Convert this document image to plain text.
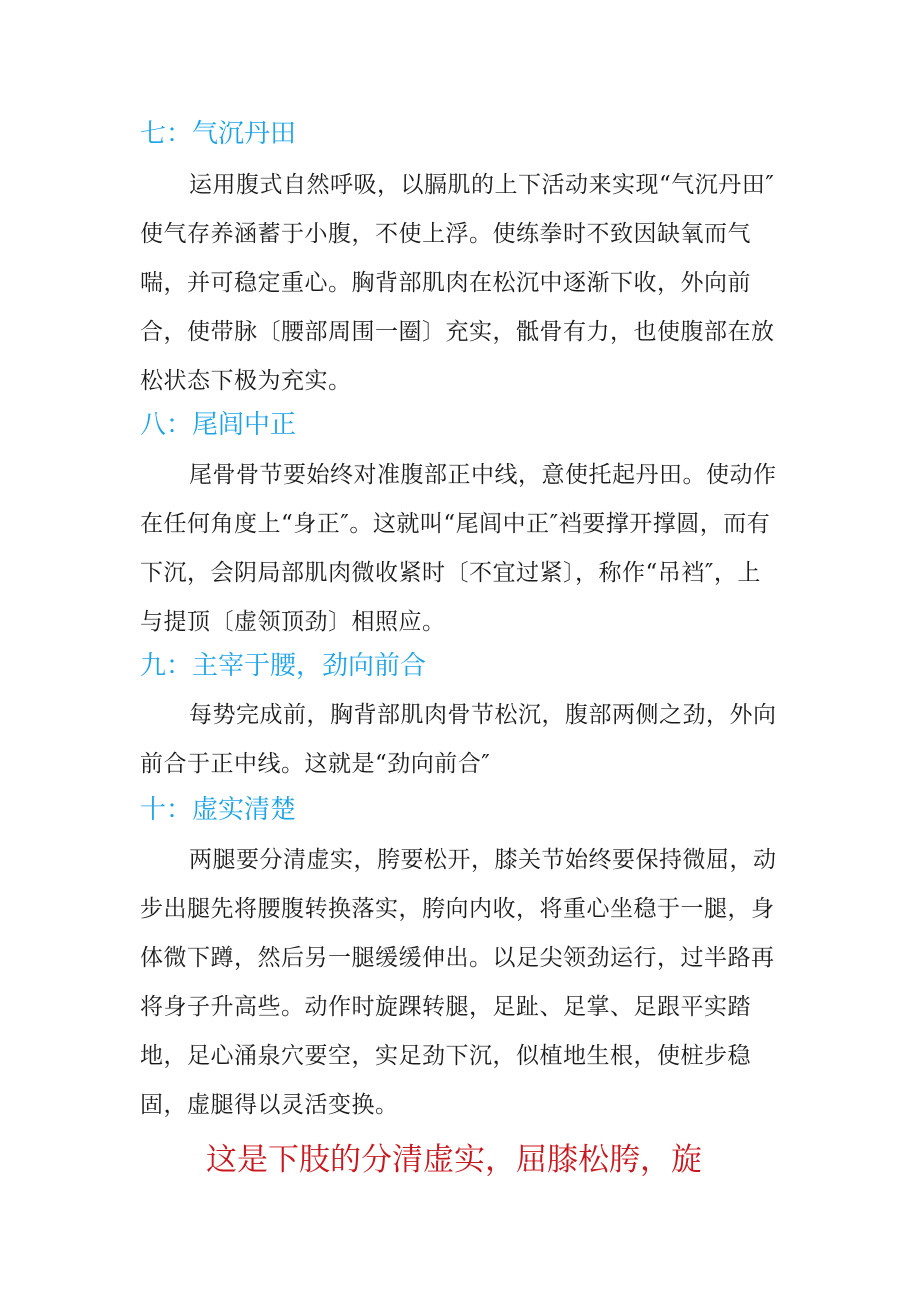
七：气沉丹田

运用腹式自然呼吸，以膈肌的上下活动来实现“气沉丹田″使气存养涵蓄于小腹，不使上浮。使练拳时不致因缺氧而气喘，并可稳定重心。胸背部肌肉在松沉中逐渐下收，外向前合，使带脉〔腰部周围一圈〕充实，骶骨有力，也使腹部在放松状态下极为充实。

八：尾闾中正

尾骨骨节要始终对准腹部正中线，意使托起丹田。使动作在任何角度上“身正″。这就叫“尾闾中正″裆要撑开撑圆，而有下沉，会阴局部肌肉微收紧时〔不宜过紧〕，称作“吊裆″，上与提顶〔虚领顶劲〕相照应。

九：主宰于腰，劲向前合

每势完成前，胸背部肌肉骨节松沉，腹部两侧之劲，外向前合于正中线。这就是“劲向前合″

十：虚实清楚

两腿要分清虚实，胯要松开，膝关节始终要保持微屈，动步出腿先将腰腹转换落实，胯向内收，将重心坐稳于一腿，身体微下蹲，然后另一腿缓缓伸出。以足尖领劲运行，过半路再将身子升高些。动作时旋踝转腿，足趾、足掌、足跟平实踏地，足心涌泉穴要空，实足劲下沉，似植地生根，使桩步稳固，虚腿得以灵活变换。

这是下肢的分清虚实，屈膝松胯，旋
